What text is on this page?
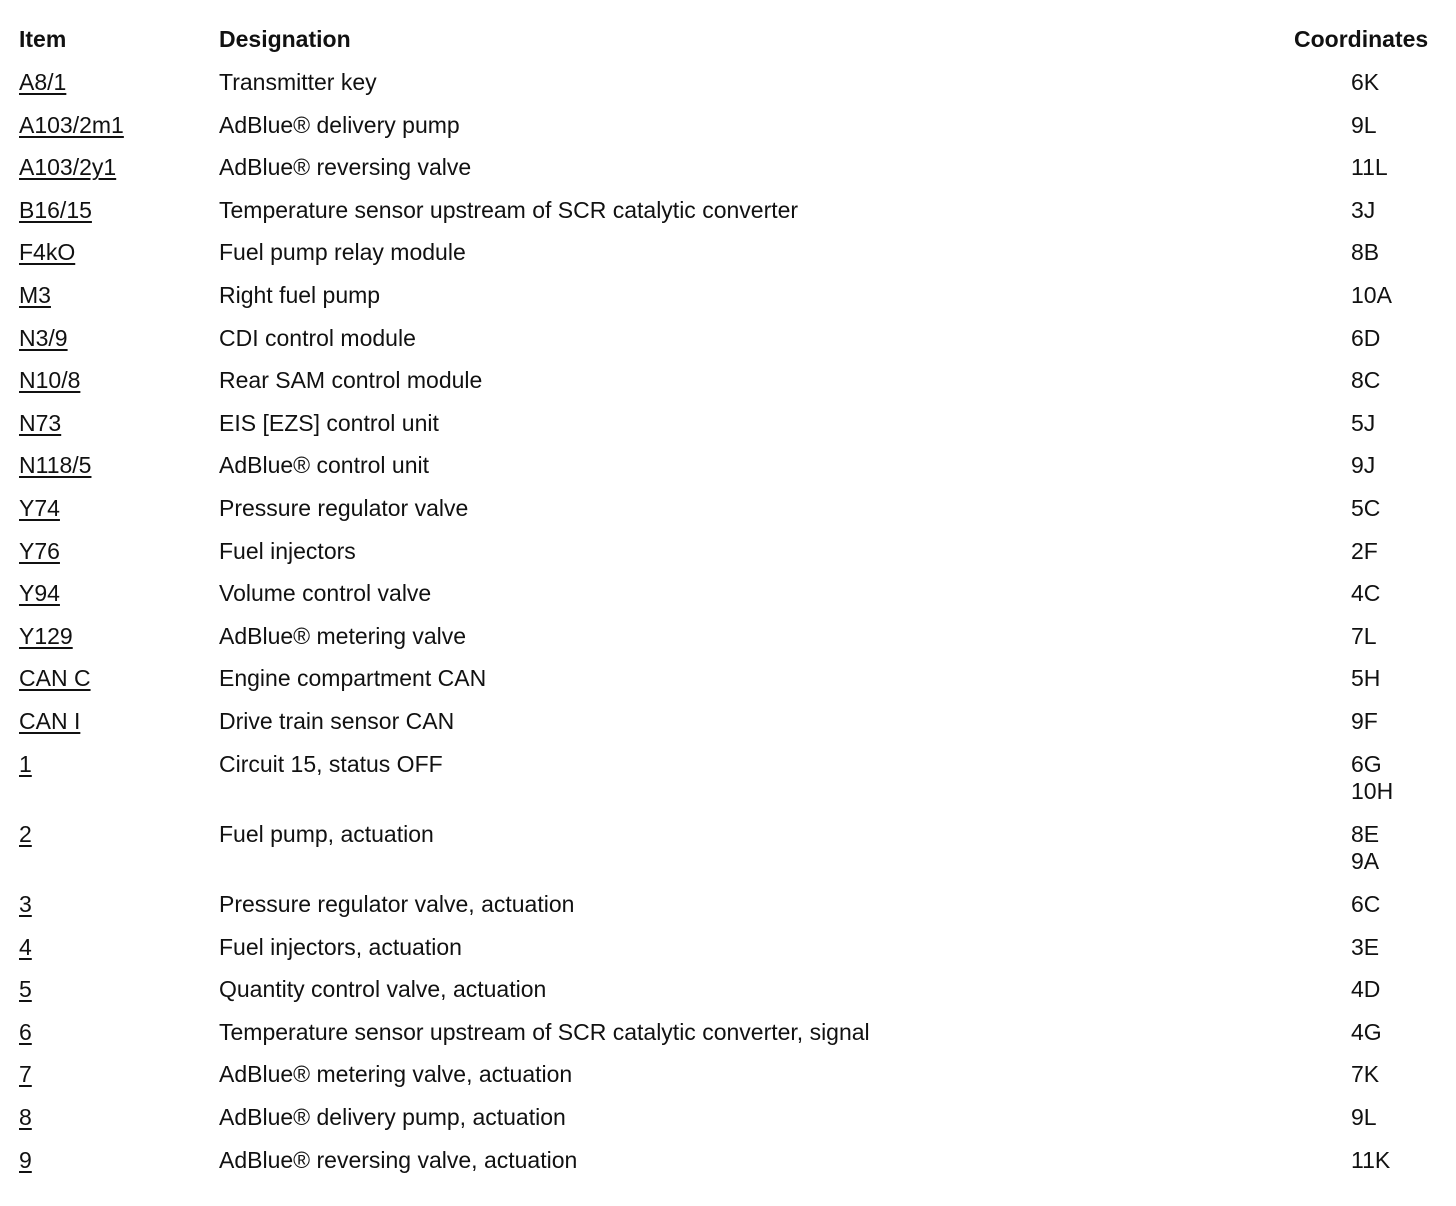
Item	Designation	Coordinates
A8/1	Transmitter key	6K
A103/2m1	AdBlue® delivery pump	9L
A103/2y1	AdBlue® reversing valve	11L
B16/15	Temperature sensor upstream of SCR catalytic converter	3J
F4kO	Fuel pump relay module	8B
M3	Right fuel pump	10A
N3/9	CDI control module	6D
N10/8	Rear SAM control module	8C
N73	EIS [EZS] control unit	5J
N118/5	AdBlue® control unit	9J
Y74	Pressure regulator valve	5C
Y76	Fuel injectors	2F
Y94	Volume control valve	4C
Y129	AdBlue® metering valve	7L
CAN C	Engine compartment CAN	5H
CAN I	Drive train sensor CAN	9F
1	Circuit 15, status OFF	6G
10H
2	Fuel pump, actuation	8E
9A
3	Pressure regulator valve, actuation	6C
4	Fuel injectors, actuation	3E
5	Quantity control valve, actuation	4D
6	Temperature sensor upstream of SCR catalytic converter, signal	4G
7	AdBlue® metering valve, actuation	7K
8	AdBlue® delivery pump, actuation	9L
9	AdBlue® reversing valve, actuation	11K
